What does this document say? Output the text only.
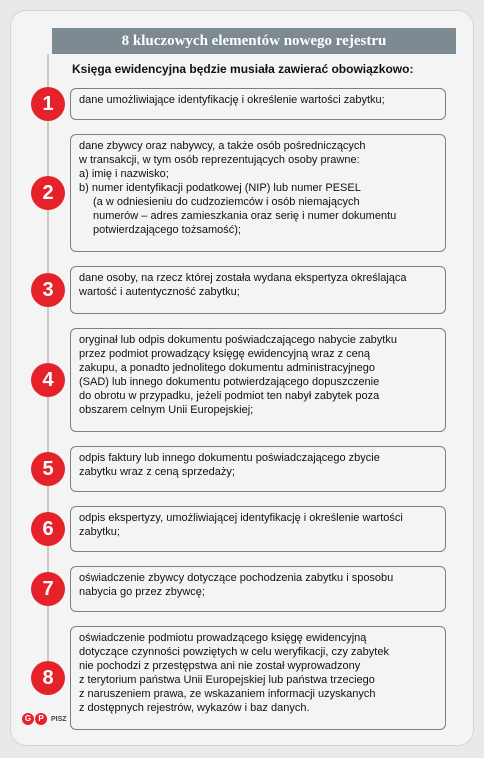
8 kluczowych elementów nowego rejestru
Księga ewidencyjna będzie musiała zawierać obowiązkowo:
1	dane umożliwiające identyfikację i określenie wartości zabytku;
2
dane zbywcy oraz nabywcy, a także osób pośredniczących
w transakcji, w tym osób reprezentujących osoby prawne:
a) imię i nazwisko;
b) numer identyfikacji podatkowej (NIP) lub numer PESEL
(a w odniesieniu do cudzoziemców i osób niemających
numerów – adres zamieszkania oraz serię i numer dokumentu
potwierdzającego tożsamość);
3
dane osoby, na rzecz której została wydana ekspertyza określająca
wartość i autentyczność zabytku;
4
oryginał lub odpis dokumentu poświadczającego nabycie zabytku
przez podmiot prowadzący księgę ewidencyjną wraz z ceną
zakupu, a ponadto jednolitego dokumentu administracyjnego
(SAD) lub innego dokumentu potwierdzającego dopuszczenie
do obrotu w przypadku, jeżeli podmiot ten nabył zabytek poza
obszarem celnym Unii Europejskiej;
5	odpis faktury lub innego dokumentu poświadczającego zbycie
zabytku wraz z ceną sprzedaży;
6	odpis ekspertyzy, umożliwiającej identyfikację i określenie wartości
zabytku;
7	oświadczenie zbywcy dotyczące pochodzenia zabytku i sposobu
nabycia go przez zbywcę;
8
oświadczenie podmiotu prowadzącego księgę ewidencyjną
dotyczące czynności powziętych w celu weryfikacji, czy zabytek
nie pochodzi z przestępstwa ani nie został wyprowadzony
z terytorium państwa Unii Europejskiej lub państwa trzeciego
z naruszeniem prawa, ze wskazaniem informacji uzyskanych
z dostępnych rejestrów, wykazów i baz danych.
G P	PISZ
